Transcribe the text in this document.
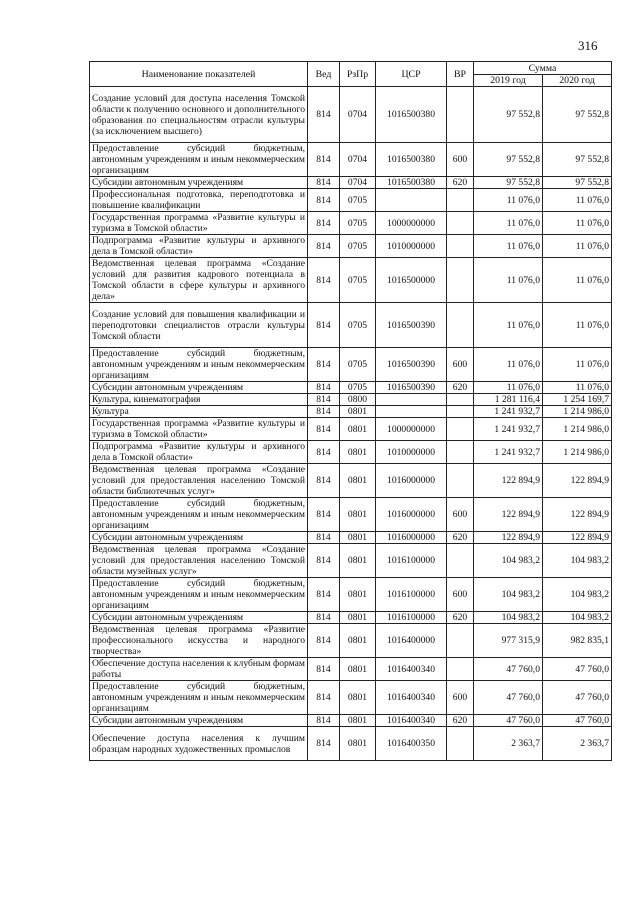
316
Наименование показателей	Вед	РзПр	ЦСР	ВР	Сумма	
					2019 год	2020 год
Создание условий для доступа населения Томской области к получению основного и дополнительного образования по специальностям отрасли культуры (за исключением высшего)	814	0704	1016500380		97 552,8	97 552,8
Предоставление субсидий бюджетным, автономным учреждениям и иным некоммерческим организациям	814	0704	1016500380	600	97 552,8	97 552,8
Субсидии автономным учреждениям	814	0704	1016500380	620	97 552,8	97 552,8
Профессиональная подготовка, переподготовка и повышение квалификации	814	0705			11 076,0	11 076,0
Государственная программа «Развитие культуры и туризма в Томской области»	814	0705	1000000000		11 076,0	11 076,0
Подпрограмма «Развитие культуры и архивного дела в Томской области»	814	0705	1010000000		11 076,0	11 076,0
Ведомственная целевая программа «Создание условий для развития кадрового потенциала в Томской области в сфере культуры и архивного дела»	814	0705	1016500000		11 076,0	11 076,0
Создание условий для повышения квалификации и переподготовки специалистов отрасли культуры Томской области	814	0705	1016500390		11 076,0	11 076,0
Предоставление субсидий бюджетным, автономным учреждениям и иным некоммерческим организациям	814	0705	1016500390	600	11 076,0	11 076,0
Субсидии автономным учреждениям	814	0705	1016500390	620	11 076,0	11 076,0
Культура, кинематография	814	0800			1 281 116,4	1 254 169,7
Культура	814	0801			1 241 932,7	1 214 986,0
Государственная программа «Развитие культуры и туризма в Томской области»	814	0801	1000000000		1 241 932,7	1 214 986,0
Подпрограмма «Развитие культуры и архивного дела в Томской области»	814	0801	1010000000		1 241 932,7	1 214 986,0
Ведомственная целевая программа «Создание условий для предоставления населению Томской области библиотечных услуг»	814	0801	1016000000		122 894,9	122 894,9
Предоставление субсидий бюджетным, автономным учреждениям и иным некоммерческим организациям	814	0801	1016000000	600	122 894,9	122 894,9
Субсидии автономным учреждениям	814	0801	1016000000	620	122 894,9	122 894,9
Ведомственная целевая программа «Создание условий для предоставления населению Томской области музейных услуг»	814	0801	1016100000		104 983,2	104 983,2
Предоставление субсидий бюджетным, автономным учреждениям и иным некоммерческим организациям	814	0801	1016100000	600	104 983,2	104 983,2
Субсидии автономным учреждениям	814	0801	1016100000	620	104 983,2	104 983,2
Ведомственная целевая программа «Развитие профессионального искусства и народного творчества»	814	0801	1016400000		977 315,9	982 835,1
Обеспечение доступа населения к клубным формам работы	814	0801	1016400340		47 760,0	47 760,0
Предоставление субсидий бюджетным, автономным учреждениям и иным некоммерческим организациям	814	0801	1016400340	600	47 760,0	47 760,0
Субсидии автономным учреждениям	814	0801	1016400340	620	47 760,0	47 760,0
Обеспечение доступа населения к лучшим образцам народных художественных промыслов	814	0801	1016400350		2 363,7	2 363,7
